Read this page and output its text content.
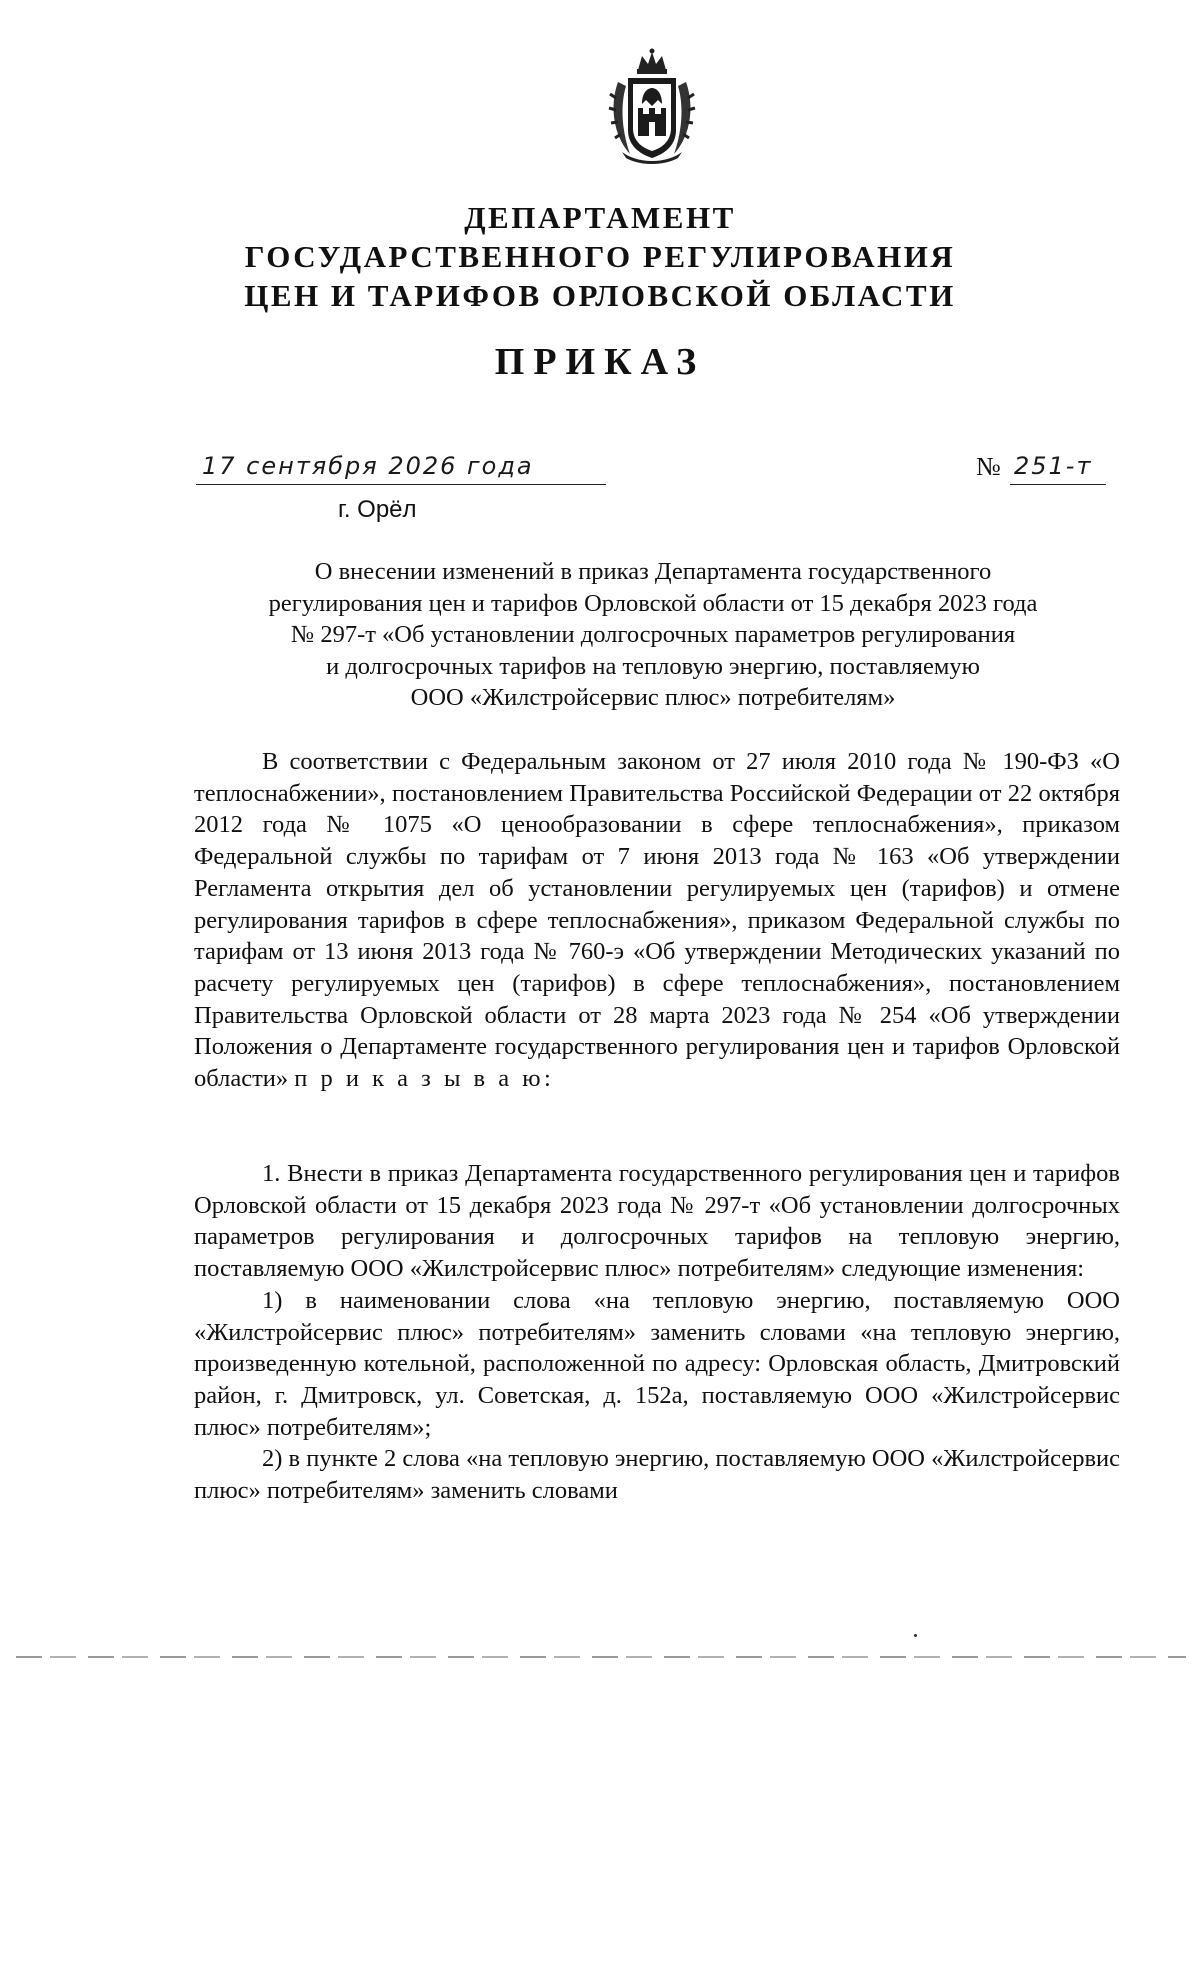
ДЕПАРТАМЕНТ
ГОСУДАРСТВЕННОГО РЕГУЛИРОВАНИЯ
ЦЕН И ТАРИФОВ ОРЛОВСКОЙ ОБЛАСТИ
ПРИКАЗ
17 сентября 2026 года	№ 251-т
г. Орёл
О внесении изменений в приказ Департамента государственного
регулирования цен и тарифов Орловской области от 15 декабря 2023 года
№ 297-т «Об установлении долгосрочных параметров регулирования
и долгосрочных тарифов на тепловую энергию, поставляемую
ООО «Жилстройсервис плюс» потребителям»

В соответствии с Федеральным законом от 27 июля 2010 года № 190-ФЗ «О теплоснабжении», постановлением Правительства Российской Федерации от 22 октября 2012 года № 1075 «О ценообразовании в сфере теплоснабжения», приказом Федеральной службы по тарифам от 7 июня 2013 года № 163 «Об утверждении Регламента открытия дел об установлении регулируемых цен (тарифов) и отмене регулирования тарифов в сфере теплоснабжения», приказом Федеральной службы по тарифам от 13 июня 2013 года № 760-э «Об утверждении Методических указаний по расчету регулируемых цен (тарифов) в сфере теплоснабжения», постановлением Правительства Орловской области от 28 марта 2023 года № 254 «Об утверждении Положения о Департаменте государственного регулирования цен и тарифов Орловской области» п р и к а з ы в а ю:

1. Внести в приказ Департамента государственного регулирования цен и тарифов Орловской области от 15 декабря 2023 года № 297-т «Об установлении долгосрочных параметров регулирования и долгосрочных тарифов на тепловую энергию, поставляемую ООО «Жилстройсервис плюс» потребителям» следующие изменения:

1) в наименовании слова «на тепловую энергию, поставляемую ООО «Жилстройсервис плюс» потребителям» заменить словами «на тепловую энергию, произведенную котельной, расположенной по адресу: Орловская область, Дмитровский район, г. Дмитровск, ул. Советская, д. 152а, поставляемую ООО «Жилстройсервис плюс» потребителям»;

2) в пункте 2 слова «на тепловую энергию, поставляемую ООО «Жилстройсервис плюс» потребителям» заменить словами
